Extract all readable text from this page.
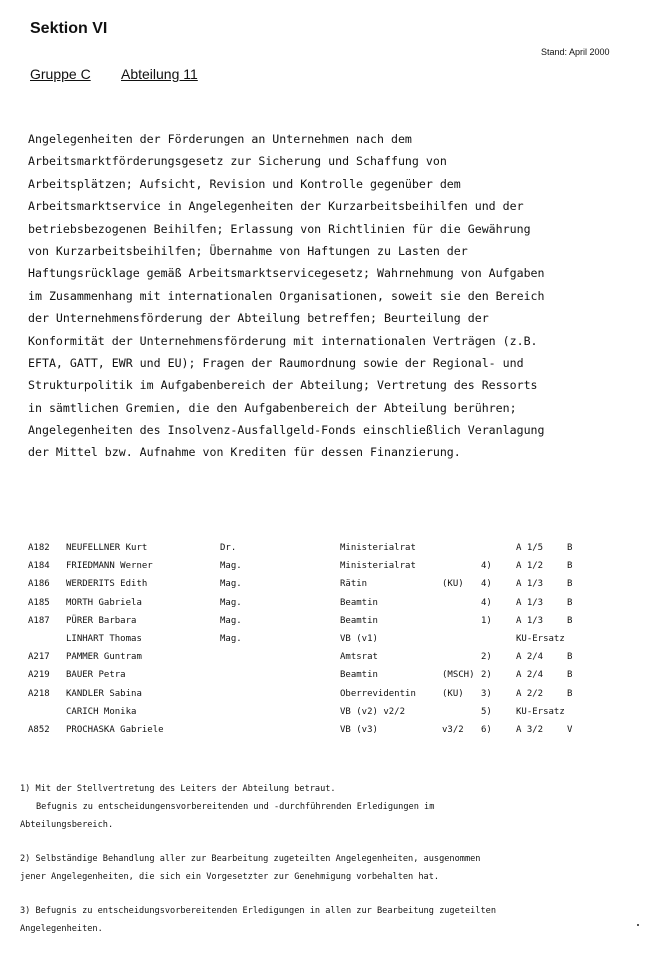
Sektion VI
Stand: April 2000
Gruppe C Abteilung 11
Angelegenheiten der Förderungen an Unternehmen nach dem
Arbeitsmarktförderungsgesetz zur Sicherung und Schaffung von
Arbeitsplätzen; Aufsicht, Revision und Kontrolle gegenüber dem
Arbeitsmarktservice in Angelegenheiten der Kurzarbeitsbeihilfen und der
betriebsbezogenen Beihilfen; Erlassung von Richtlinien für die Gewährung
von Kurzarbeitsbeihilfen; Übernahme von Haftungen zu Lasten der
Haftungsrücklage gemäß Arbeitsmarktservicegesetz; Wahrnehmung von Aufgaben
im Zusammenhang mit internationalen Organisationen, soweit sie den Bereich
der Unternehmensförderung der Abteilung betreffen; Beurteilung der
Konformität der Unternehmensförderung mit internationalen Verträgen (z.B.
EFTA, GATT, EWR und EU); Fragen der Raumordnung sowie der Regional- und
Strukturpolitik im Aufgabenbereich der Abteilung; Vertretung des Ressorts
in sämtlichen Gremien, die den Aufgabenbereich der Abteilung berühren;
Angelegenheiten des Insolvenz-Ausfallgeld-Fonds einschließlich Veranlagung
der Mittel bzw. Aufnahme von Krediten für dessen Finanzierung.
A182 NEUFELLNER Kurt	Dr.	Ministerialrat	A 1/5	B
A184 FRIEDMANN Werner	Mag.	Ministerialrat	4)	A 1/2	B
A186 WERDERITS Edith	Mag.	Rätin	(KU) 4)	A 1/3	B
A185 MORTH Gabriela	Mag.	Beamtin	4)	A 1/3	B
A187 PÜRER Barbara	Mag.	Beamtin	1)	A 1/3	B
LINHART Thomas	Mag.	VB (v1)	KU-Ersatz
A217 PAMMER Guntram	Amtsrat	2)	A 2/4	B
A219 BAUER Petra	Beamtin	(MSCH) 2)	A 2/4	B
A218 KANDLER Sabina	Oberrevidentin	(KU) 3)	A 2/2	B
CARICH Monika	VB (v2) v2/2	5)	KU-Ersatz
A852 PROCHASKA Gabriele	VB (v3)	v3/2 6)	A 3/2	V
1) Mit der Stellvertretung des Leiters der Abteilung betraut.
Befugnis zu entscheidungensvorbereitenden und -durchführenden Erledigungen im
Abteilungsbereich.
2) Selbständige Behandlung aller zur Bearbeitung zugeteilten Angelegenheiten, ausgenommen
jener Angelegenheiten, die sich ein Vorgesetzter zur Genehmigung vorbehalten hat.
3) Befugnis zu entscheidungsvorbereitenden Erledigungen in allen zur Bearbeitung zugeteilten
Angelegenheiten.
